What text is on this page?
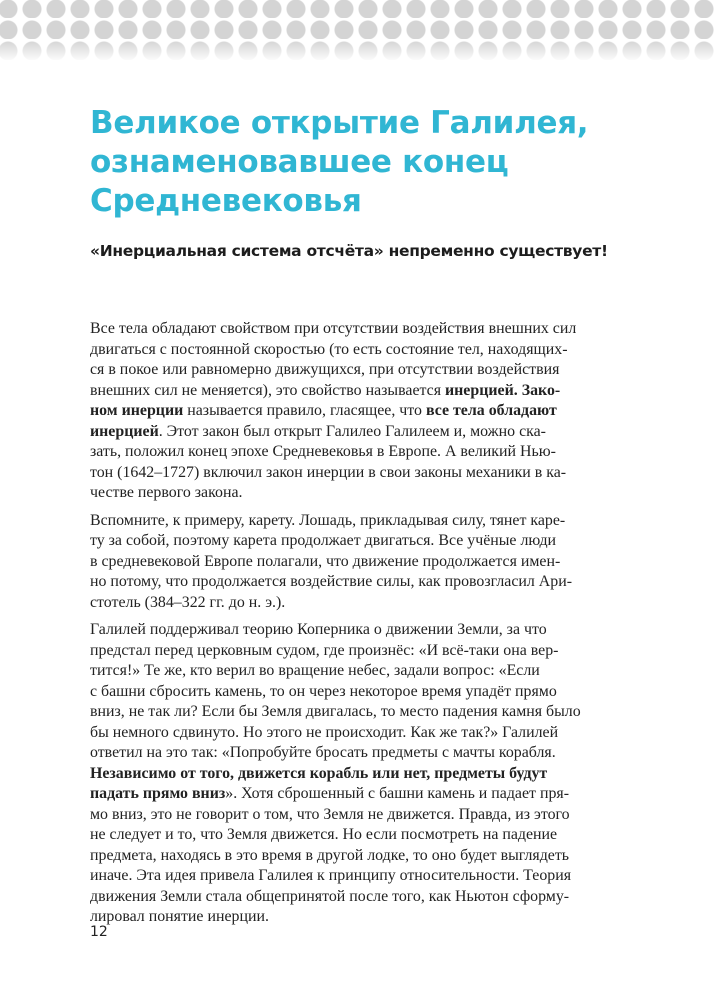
Великое открытие Галилея,
ознаменовавшее конец
Средневековья
«Инерциальная система отсчёта» непременно существует!

Все тела обладают свойством при отсутствии воздействия внешних сил
двигаться с постоянной скоростью (то есть состояние тел, находящих-
ся в покое или равномерно движущихся, при отсутствии воздействия
внешних сил не меняется), это свойство называется инерцией. Зако-
ном инерции называется правило, гласящее, что все тела обладают
инерцией. Этот закон был открыт Галилео Галилеем и, можно ска-
зать, положил конец эпохе Средневековья в Европе. А великий Нью-
тон (1642–1727) включил закон инерции в свои законы механики в ка-
честве первого закона.

Вспомните, к примеру, карету. Лошадь, прикладывая силу, тянет каре-
ту за собой, поэтому карета продолжает двигаться. Все учёные люди
в средневековой Европе полагали, что движение продолжается имен-
но потому, что продолжается воздействие силы, как провозгласил Ари-
стотель (384–322 гг. до н. э.).

Галилей поддерживал теорию Коперника о движении Земли, за что
предстал перед церковным судом, где произнёс: «И всё-таки она вер-
тится!» Те же, кто верил во вращение небес, задали вопрос: «Если
с башни сбросить камень, то он через некоторое время упадёт прямо
вниз, не так ли? Если бы Земля двигалась, то место падения камня было
бы немного сдвинуто. Но этого не происходит. Как же так?» Галилей
ответил на это так: «Попробуйте бросать предметы с мачты корабля.
Независимо от того, движется корабль или нет, предметы будут
падать прямо вниз». Хотя сброшенный с башни камень и падает пря-
мо вниз, это не говорит о том, что Земля не движется. Правда, из этого
не следует и то, что Земля движется. Но если посмотреть на падение
предмета, находясь в это время в другой лодке, то оно будет выглядеть
иначе. Эта идея привела Галилея к принципу относительности. Теория
движения Земли стала общепринятой после того, как Ньютон сформу-
лировал понятие инерции.

12
